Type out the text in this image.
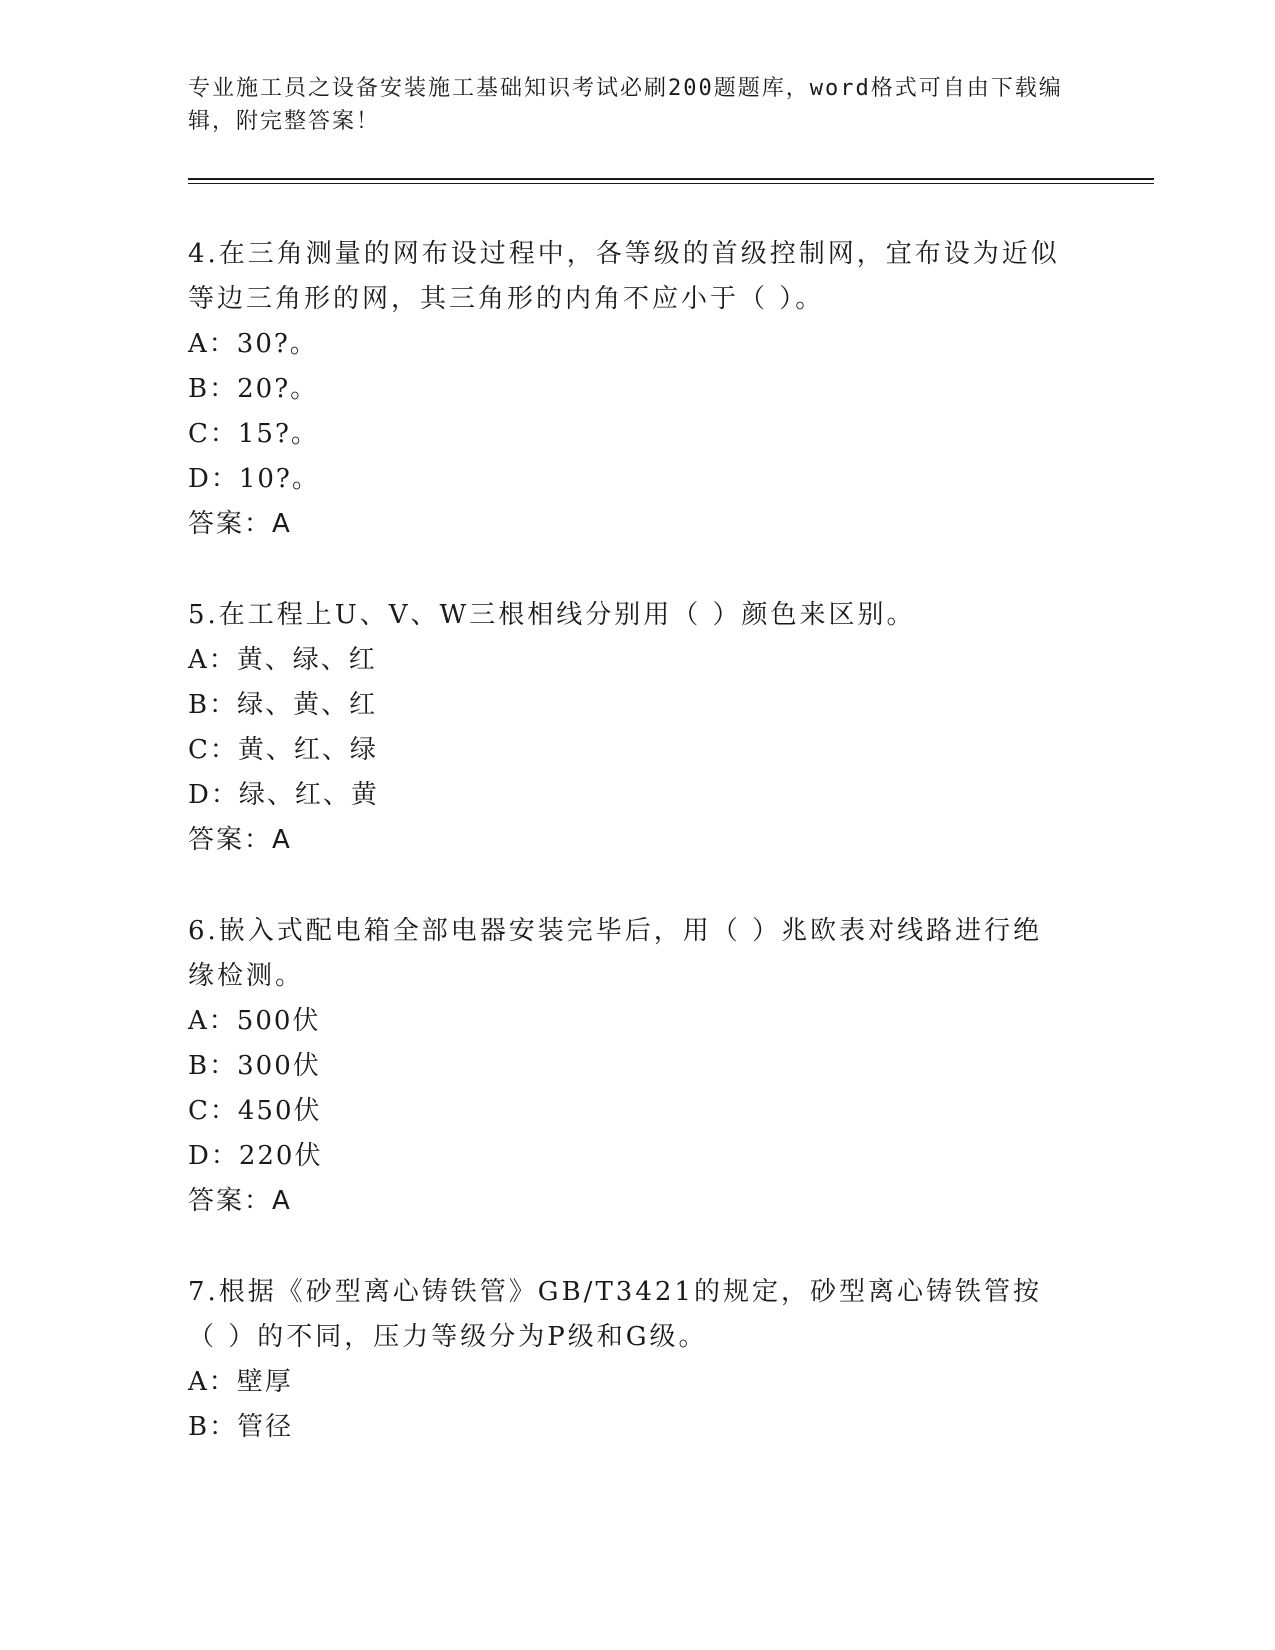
专业施工员之设备安装施工基础知识考试必刷200题题库，word格式可自由下载编辑，附完整答案！
4.在三角测量的网布设过程中，各等级的首级控制网，宜布设为近似等边三角形的网，其三角形的内角不应小于（ ）。
A：30?。
B：20?。
C：15?。
D：10?。
答案：A
5.在工程上U、V、W三根相线分别用（ ）颜色来区别。
A：黄、绿、红
B：绿、黄、红
C：黄、红、绿
D：绿、红、黄
答案：A
6.嵌入式配电箱全部电器安装完毕后，用（ ）兆欧表对线路进行绝缘检测。
A：500伏
B：300伏
C：450伏
D：220伏
答案：A
7.根据《砂型离心铸铁管》GB/T3421的规定，砂型离心铸铁管按（ ）的不同，压力等级分为P级和G级。
A：壁厚
B：管径
